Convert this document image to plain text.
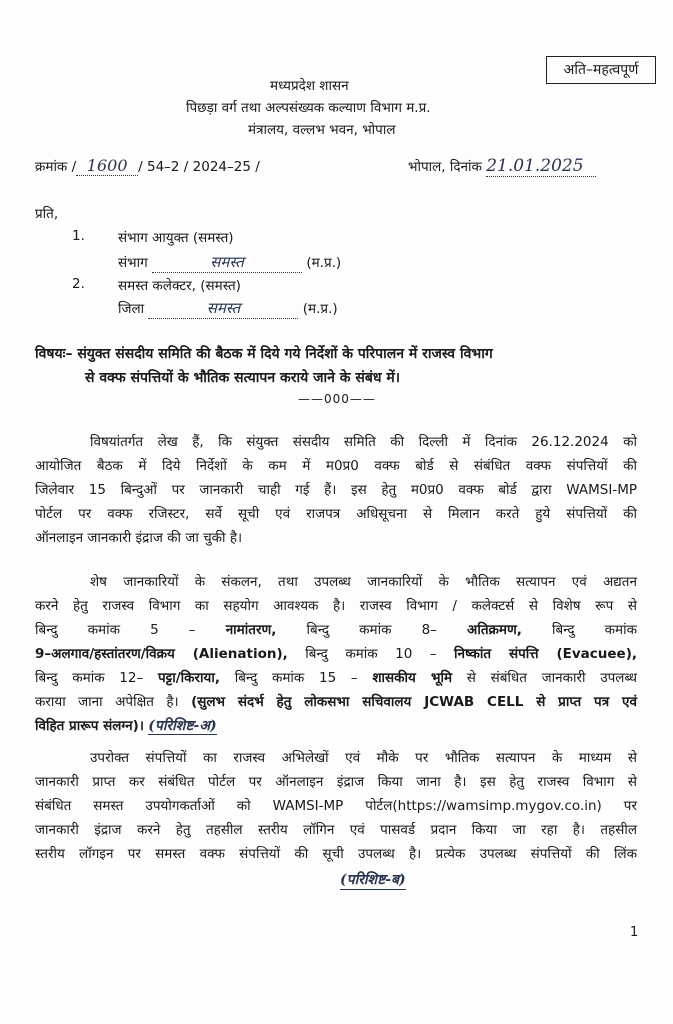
अति–महत्वपूर्ण
मध्यप्रदेश शासन
पिछड़ा वर्ग तथा अल्पसंख्यक कल्याण विभाग म.प्र.
मंत्रालय, वल्लभ भवन, भोपाल
क्रमांक / 1600 / 54–2 / 2024–25 /	भोपाल, दिनांक 21.01.2025
प्रति,
1. संभाग आयुक्त (समस्त)
संभाग	समस्त	(म.प्र.)
2. समस्त कलेक्टर, (समस्त)
जिला	समस्त	(म.प्र.)
विषयः– संयुक्त संसदीय समिति की बैठक में दिये गये निर्देशों के परिपालन में राजस्व विभाग
से वक्फ संपत्तियों के भौतिक सत्यापन कराये जाने के संबंध में।
——000——
विषयांतर्गत लेख हैं, कि संयुक्त संसदीय समिति की दिल्ली में दिनांक 26.12.2024 को
आयोजित बैठक में दिये निर्देशों के कम में म0प्र0 वक्फ बोर्ड से संबंधित वक्फ संपत्तियों की
जिलेवार 15 बिन्दुओं पर जानकारी चाही गई हैं। इस हेतु म0प्र0 वक्फ बोर्ड द्वारा WAMSI-MP
पोर्टल पर वक्फ रजिस्टर, सर्वे सूची एवं राजपत्र अधिसूचना से मिलान करते हुये संपत्तियों की
ऑनलाइन जानकारी इंद्राज की जा चुकी है।
शेष जानकारियों के संकलन, तथा उपलब्ध जानकारियों के भौतिक सत्यापन एवं अद्यतन
करने हेतु राजस्व विभाग का सहयोग आवश्यक है। राजस्व विभाग / कलेक्टर्स से विशेष रूप से
बिन्दु कमांक 5 – नामांतरण, बिन्दु कमांक 8– अतिक्रमण, बिन्दु कमांक
9–अलगाव/हस्तांतरण/विक्रय (Alienation), बिन्दु कमांक 10 – निष्कांत संपत्ति (Evacuee),
बिन्दु कमांक 12– पट्टा/किराया, बिन्दु कमांक 15 – शासकीय भूमि से संबंधित जानकारी उपलब्ध
कराया जाना अपेक्षित है। (सुलभ संदर्भ हेतु लोकसभा सचिवालय JCWAB CELL से प्राप्त पत्र एवं
विहित प्रारूप संलग्न)। (परिशिष्ट-अ)
उपरोक्त संपत्तियों का राजस्व अभिलेखों एवं मौके पर भौतिक सत्यापन के माध्यम से
जानकारी प्राप्त कर संबंधित पोर्टल पर ऑनलाइन इंद्राज किया जाना है। इस हेतु राजस्व विभाग से
संबंधित समस्त उपयोगकर्ताओं को WAMSI-MP पोर्टल(https://wamsimp.mygov.co.in) पर
जानकारी इंद्राज करने हेतु तहसील स्तरीय लॉगिन एवं पासवर्ड प्रदान किया जा रहा है। तहसील
स्तरीय लॉगइन पर समस्त वक्फ संपत्तियों की सूची उपलब्ध है। प्रत्येक उपलब्ध संपत्तियों की लिंक
(परिशिष्ट-ब)
1
